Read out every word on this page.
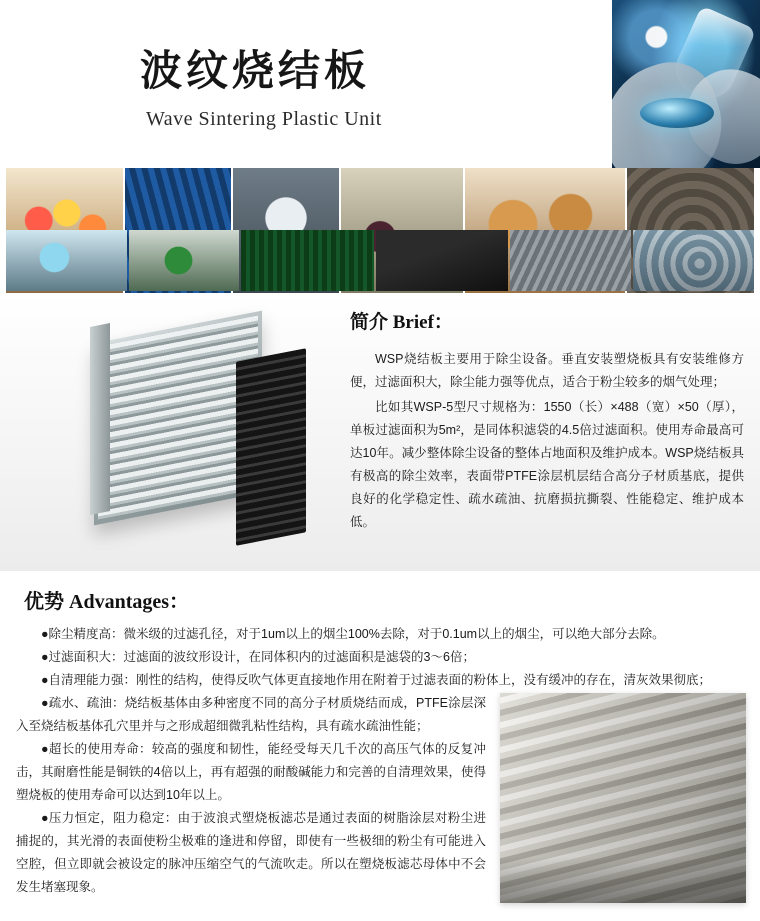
波纹烧结板
Wave Sintering Plastic Unit
简介 Brief：

WSP烧结板主要用于除尘设备。垂直安装塑烧板具有安装维修方便，过滤面积大，除尘能力强等优点，适合于粉尘较多的烟气处理；

比如其WSP-5型尺寸规格为：1550（长）×488（宽）×50（厚），单板过滤面积为5m²，是同体积滤袋的4.5倍过滤面积。使用寿命最高可达10年。减少整体除尘设备的整体占地面积及维护成本。WSP烧结板具有极高的除尘效率，表面带PTFE涂层机层结合高分子材质基底，提供良好的化学稳定性、疏水疏油、抗磨损抗撕裂、性能稳定、维护成本低。

优势 Advantages：

●除尘精度高：微米级的过滤孔径，对于1um以上的烟尘100%去除，对于0.1um以上的烟尘，可以绝大部分去除。

●过滤面积大：过滤面的波纹形设计，在同体积内的过滤面积是滤袋的3～6倍；

●自清理能力强：刚性的结构，使得反吹气体更直接地作用在附着于过滤表面的粉体上，没有缓冲的存在，清灰效果彻底；

●疏水、疏油：烧结板基体由多种密度不同的高分子材质烧结而成，PTFE涂层深入至烧结板基体孔穴里并与之形成超细微乳粘性结构，具有疏水疏油性能；

●超长的使用寿命：较高的强度和韧性，能经受每天几千次的高压气体的反复冲击，其耐磨性能是铜铁的4倍以上，再有超强的耐酸碱能力和完善的自清理效果，使得塑烧板的使用寿命可以达到10年以上。

●压力恒定，阻力稳定：由于波浪式塑烧板滤芯是通过表面的树脂涂层对粉尘进捕捉的，其光滑的表面使粉尘极难的逢进和停留，即使有一些极细的粉尘有可能进入空腔，但立即就会被设定的脉冲压缩空气的气流吹走。所以在塑烧板滤芯母体中不会发生堵塞现象。
